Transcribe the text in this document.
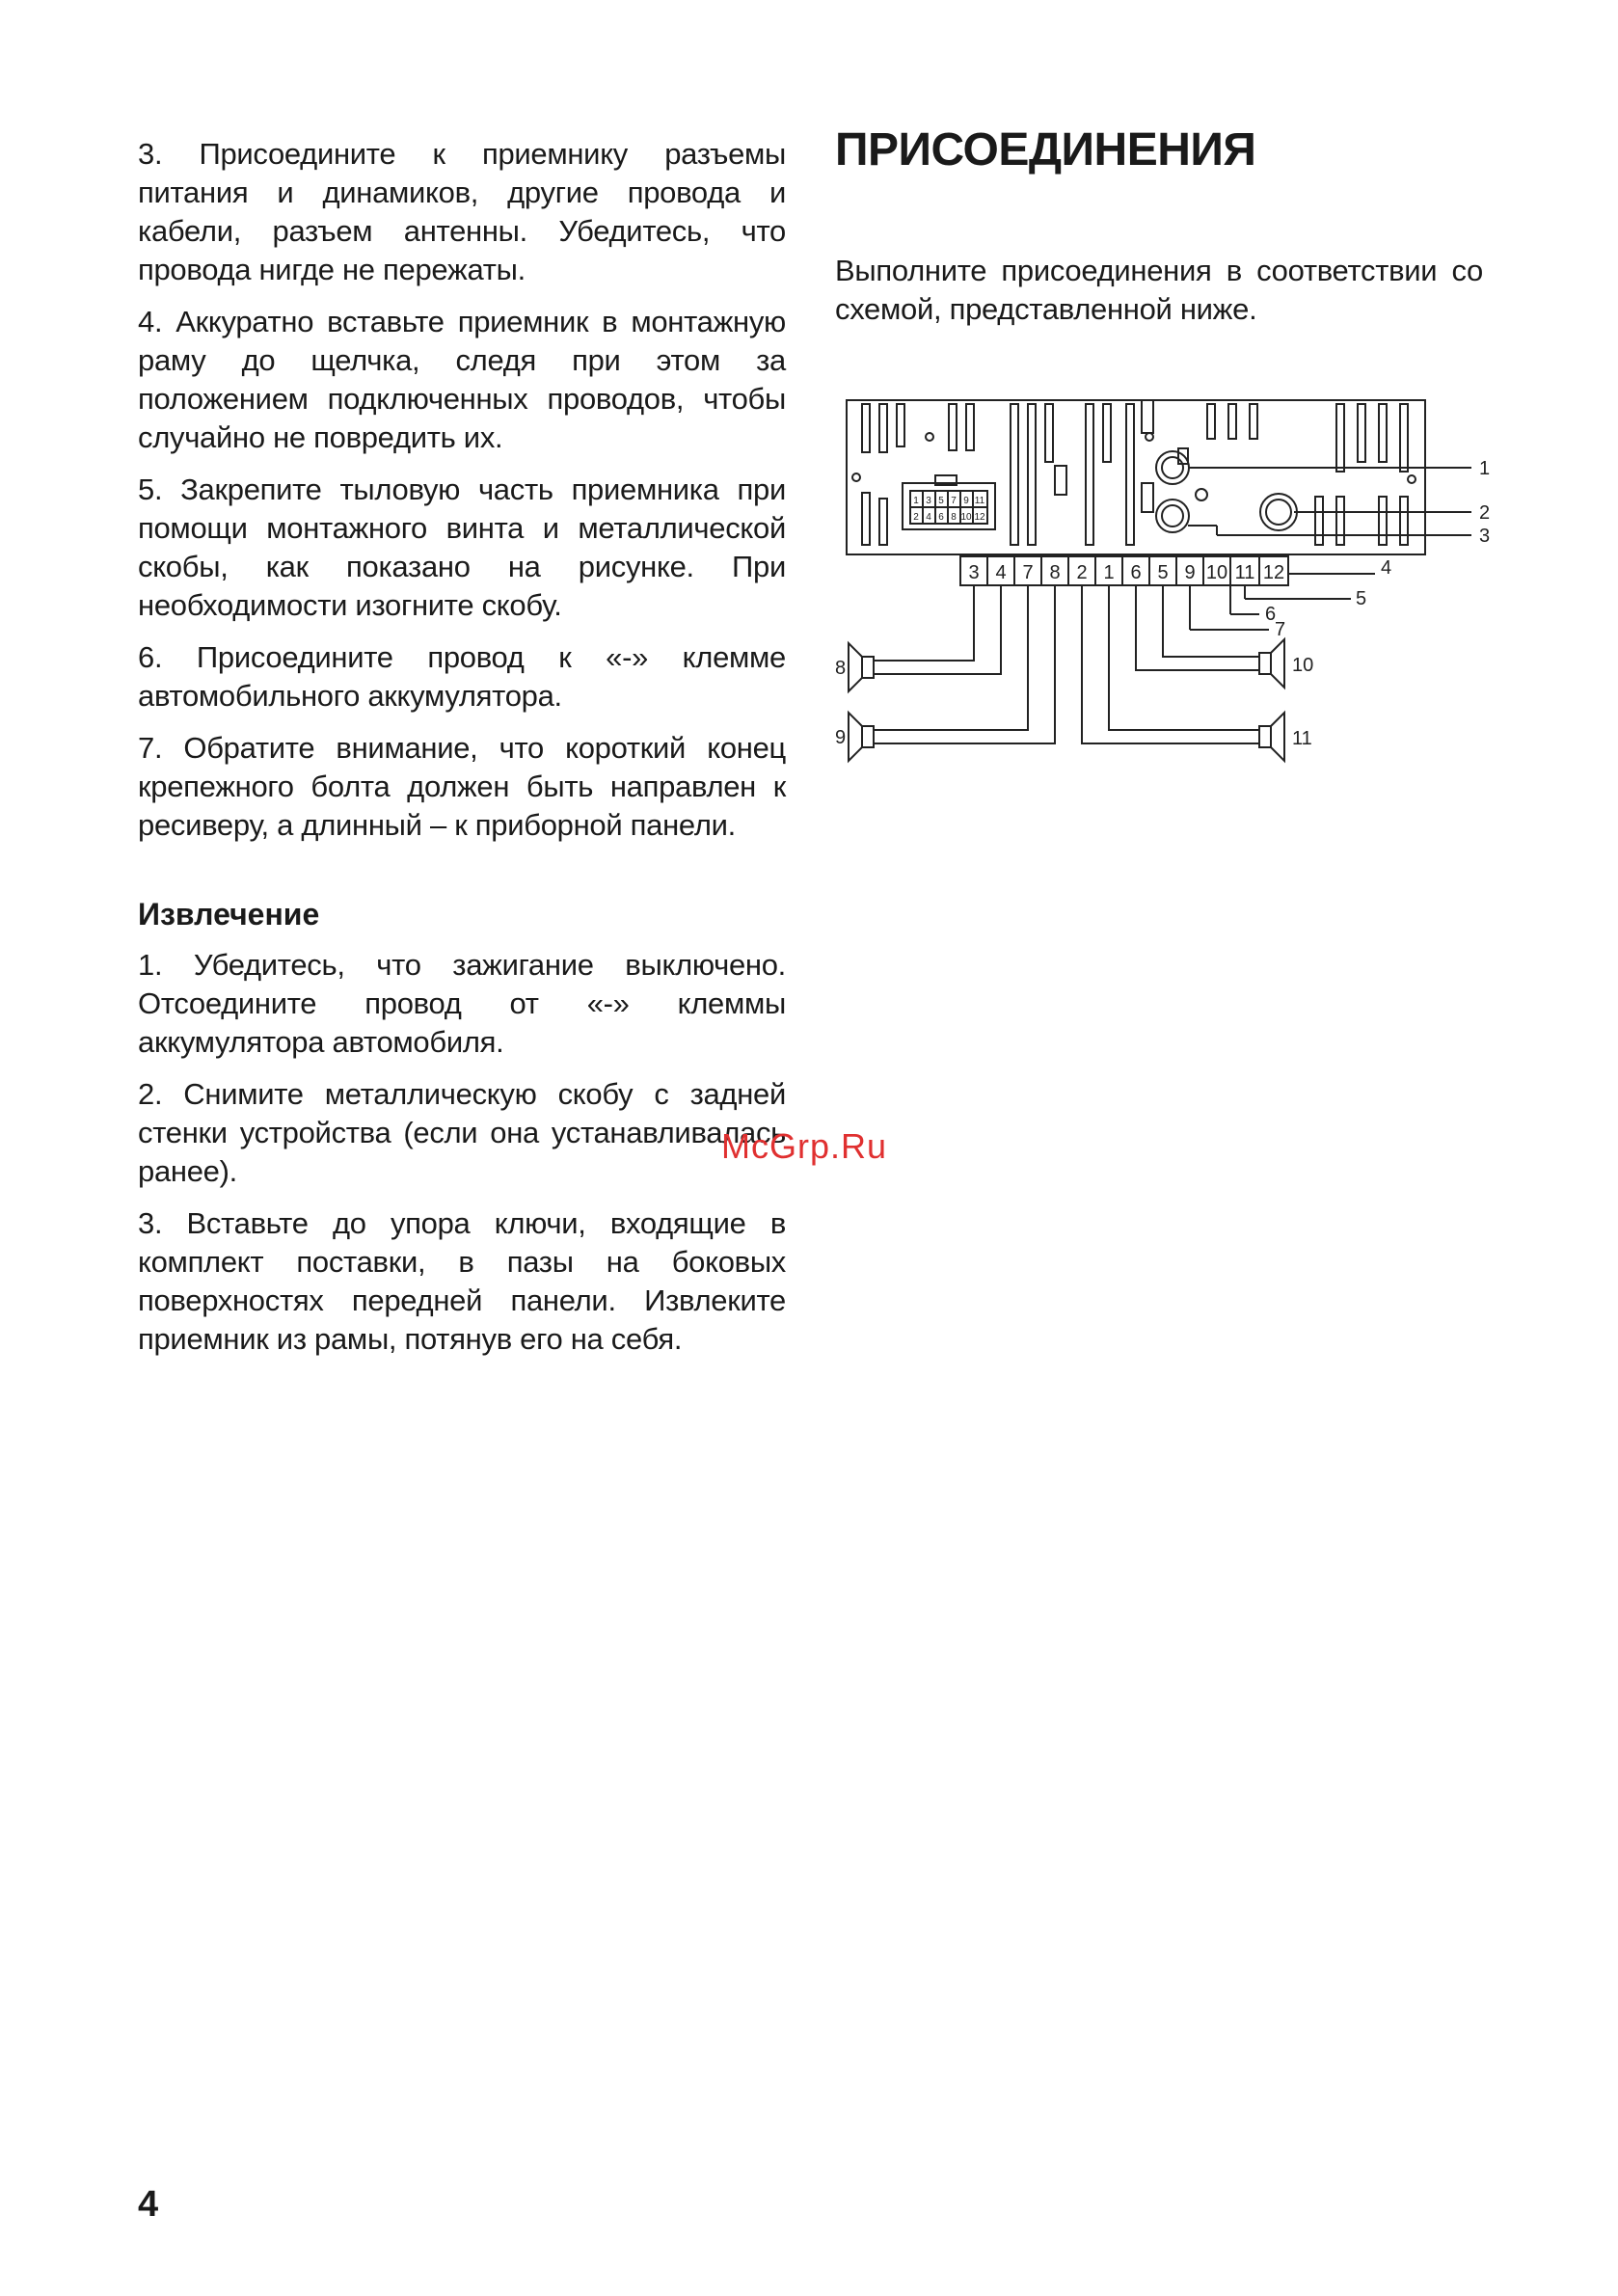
3. Присоедините к приемнику разъемы питания и динамиков, другие провода и кабели, разъем антенны. Убедитесь, что провода нигде не пережаты.

4. Аккуратно вставьте приемник в монтажную раму до щелчка, следя при этом за положением подключенных проводов, чтобы случайно не повредить их.

5. Закрепите тыловую часть приемника при помощи монтажного винта и металлической скобы, как показано на рисунке. При необходимости изогните скобу.

6. Присоедините провод к «-» клемме автомобильного аккумулятора.

7. Обратите внимание, что короткий конец крепежного болта должен быть направлен к ресиверу, а длинный – к приборной панели.

Извлечение

1. Убедитесь, что зажигание выключено. Отсоедините провод от «-» клеммы аккумулятора автомобиля.

2. Снимите металлическую скобу с задней стенки устройства (если она устанавливалась ранее).

3. Вставьте до упора ключи, входящие в комплект поставки, в пазы на боковых поверхностях передней панели. Извлеките приемник из рамы, потянув его на себя.

ПРИСОЕДИНЕНИЯ

Выполните присоединения в соответствии со схемой, представленной ниже.

1 3 5 7 9 11
2 4 6 8 10 12
3 4 7 8 2 1 6 5 9 10 11 12
1
2
3
4
5
6
7
8
9
10
11
McGrp.Ru
4
